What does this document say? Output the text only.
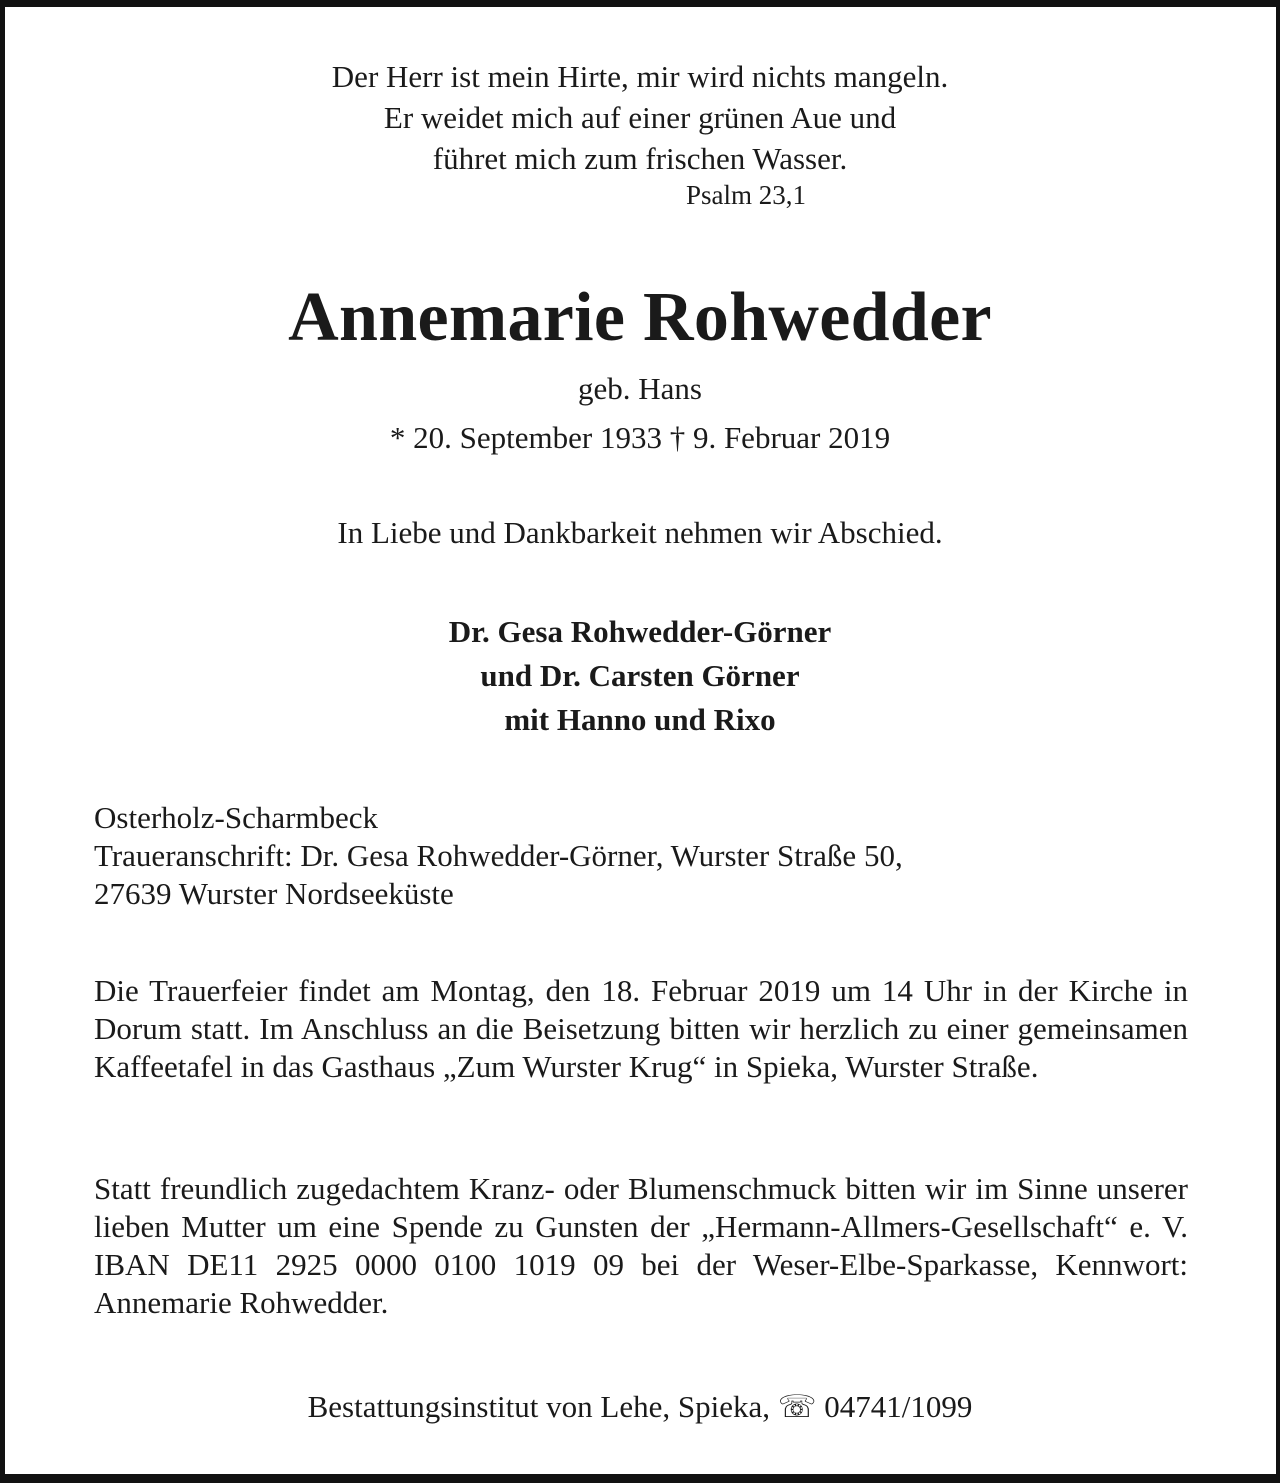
Der Herr ist mein Hirte, mir wird nichts mangeln.
Er weidet mich auf einer grünen Aue und
führet mich zum frischen Wasser.
Psalm 23,1
Annemarie Rohwedder
geb. Hans
* 20. September 1933 † 9. Februar 2019
In Liebe und Dankbarkeit nehmen wir Abschied.
Dr. Gesa Rohwedder-Görner
und Dr. Carsten Görner
mit Hanno und Rixo
Osterholz-Scharmbeck
Traueranschrift: Dr. Gesa Rohwedder-Görner, Wurster Straße 50,
27639 Wurster Nordseeküste

Die Trauerfeier findet am Montag, den 18. Februar 2019 um 14 Uhr in der Kirche in Dorum statt. Im Anschluss an die Beisetzung bitten wir herzlich zu einer gemeinsamen Kaffeetafel in das Gasthaus „Zum Wurster Krug“ in Spieka, Wurster Straße.

Statt freundlich zugedachtem Kranz- oder Blumenschmuck bitten wir im Sinne unserer lieben Mutter um eine Spende zu Gunsten der „Hermann-Allmers-Gesellschaft“ e. V. IBAN DE11 2925 0000 0100 1019 09 bei der Weser-Elbe-Sparkasse, Kennwort: Annemarie Rohwedder.

Bestattungsinstitut von Lehe, Spieka, ☏ 04741/1099
